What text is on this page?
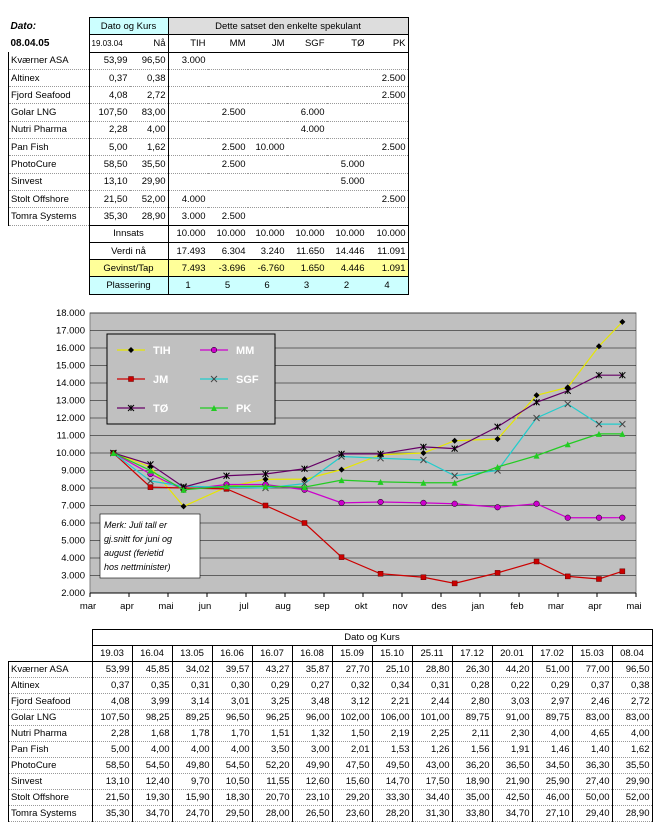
Dato:	Dato og Kurs		Dette satset den enkelte spekulant					
08.04.05	19.03.04	Nå	TIH	MM	JM	SGF	TØ	PK
Kværner ASA	53,99	96,50	3.000					
Altinex	0,37	0,38						2.500
Fjord Seafood	4,08	2,72						2.500
Golar LNG	107,50	83,00		2.500		6.000		
Nutri Pharma	2,28	4,00				4.000		
Pan Fish	5,00	1,62		2.500	10.000			2.500
PhotoCure	58,50	35,50		2.500			5.000	
Sinvest	13,10	29,90					5.000	
Stolt Offshore	21,50	52,00	4.000					2.500
Tomra Systems	35,30	28,90	3.000	2.500				
	Innsats		10.000	10.000	10.000	10.000	10.000	10.000
	Verdi nå		17.493	6.304	3.240	11.650	14.446	11.091
	Gevinst/Tap		7.493	-3.696	-6.760	1.650	4.446	1.091
	Plassering		1	5	6	3	2	4
2.000
3.000
4.000
5.000
6.000
7.000
8.000
9.000
10.000
11.000
12.000
13.000
14.000
15.000
16.000
17.000
18.000
mar	apr	mai	jun	jul	aug sep	okt	nov des	jan	feb	mar	apr	mai
TIH	MM
JM	SGF
TØ	PK
Merk: Juli tall er
gj.snitt for juni og
august (ferietid
hos nettminister)
	Dato og Kurs													
	19.03	16.04	13.05	16.06	16.07	16.08	15.09	15.10	25.11	17.12	20.01	17.02	15.03	08.04
Kværner ASA	53,99	45,85	34,02	39,57	43,27	35,87	27,70	25,10	28,80	26,30	44,20	51,00	77,00	96,50
Altinex	0,37	0,35	0,31	0,30	0,29	0,27	0,32	0,34	0,31	0,28	0,22	0,29	0,37	0,38
Fjord Seafood	4,08	3,99	3,14	3,01	3,25	3,48	3,12	2,21	2,44	2,80	3,03	2,97	2,46	2,72
Golar LNG	107,50	98,25	89,25	96,50	96,25	96,00	102,00	106,00	101,00	89,75	91,00	89,75	83,00	83,00
Nutri Pharma	2,28	1,68	1,78	1,70	1,51	1,32	1,50	2,19	2,25	2,11	2,30	4,00	4,65	4,00
Pan Fish	5,00	4,00	4,00	4,00	3,50	3,00	2,01	1,53	1,26	1,56	1,91	1,46	1,40	1,62
PhotoCure	58,50	54,50	49,80	54,50	52,20	49,90	47,50	49,50	43,00	36,20	36,50	34,50	36,30	35,50
Sinvest	13,10	12,40	9,70	10,50	11,55	12,60	15,60	14,70	17,50	18,90	21,90	25,90	27,40	29,90
Stolt Offshore	21,50	19,30	15,90	18,30	20,70	23,10	29,20	33,30	34,40	35,00	42,50	46,00	50,00	52,00
Tomra Systems	35,30	34,70	24,70	29,50	28,00	26,50	23,60	28,20	31,30	33,80	34,70	27,10	29,40	28,90
